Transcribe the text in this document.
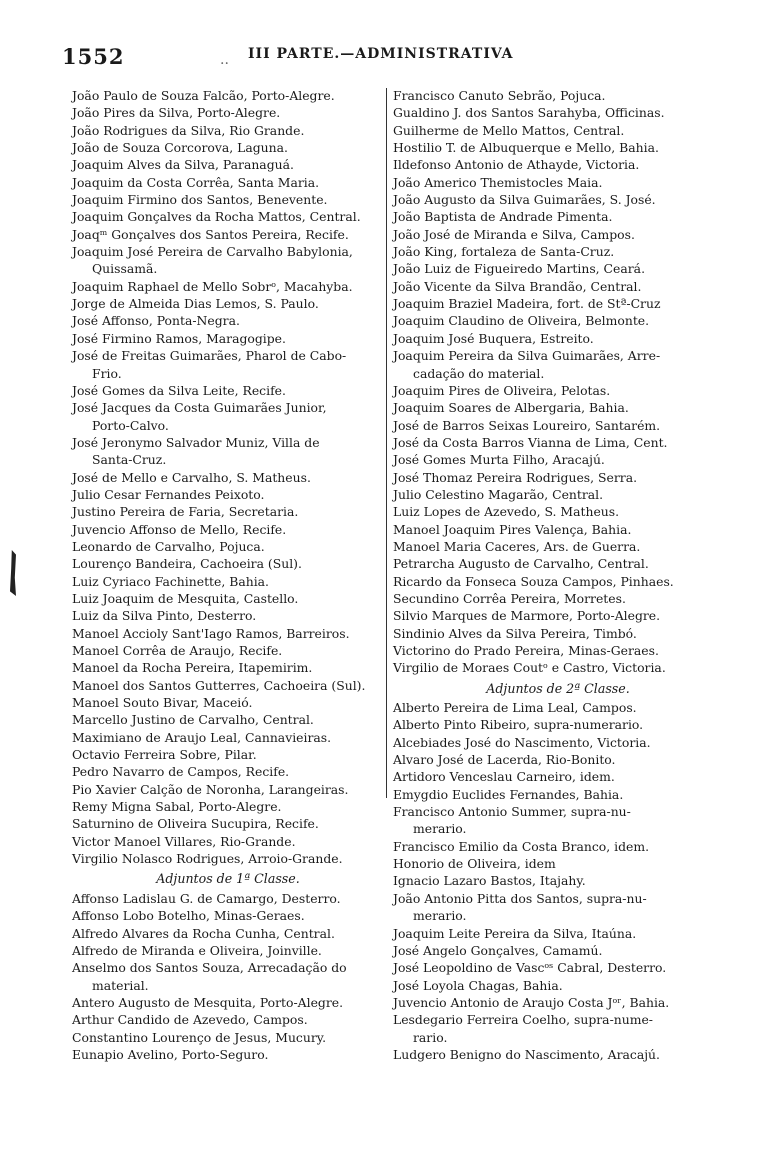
1552	.. III PARTE.—ADMINISTRATIVA
João Paulo de Souza Falcão, Porto-Alegre.
João Pires da Silva, Porto-Alegre.
João Rodrigues da Silva, Rio Grande.
João de Souza Corcorova, Laguna.
Joaquim Alves da Silva, Paranaguá.
Joaquim da Costa Corrêa, Santa Maria.
Joaquim Firmino dos Santos, Benevente.
Joaquim Gonçalves da Rocha Mattos, Central.
Joaqᵐ Gonçalves dos Santos Pereira, Recife.
Joaquim José Pereira de Carvalho Babylonia,
Quissamã.
Joaquim Raphael de Mello Sobrᵒ, Macahyba.
Jorge de Almeida Dias Lemos, S. Paulo.
José Affonso, Ponta-Negra.
José Firmino Ramos, Maragogipe.
José de Freitas Guimarães, Pharol de Cabo-
Frio.
José Gomes da Silva Leite, Recife.
José Jacques da Costa Guimarães Junior,
Porto-Calvo.
José Jeronymo Salvador Muniz, Villa de
Santa-Cruz.
José de Mello e Carvalho, S. Matheus.
Julio Cesar Fernandes Peixoto.
Justino Pereira de Faria, Secretaria.
Juvencio Affonso de Mello, Recife.
Leonardo de Carvalho, Pojuca.
Lourenço Bandeira, Cachoeira (Sul).
Luiz Cyriaco Fachinette, Bahia.
Luiz Joaquim de Mesquita, Castello.
Luiz da Silva Pinto, Desterro.
Manoel Accioly Sant'Iago Ramos, Barreiros.
Manoel Corrêa de Araujo, Recife.
Manoel da Rocha Pereira, Itapemirim.
Manoel dos Santos Gutterres, Cachoeira (Sul).
Manoel Souto Bivar, Maceió.
Marcello Justino de Carvalho, Central.
Maximiano de Araujo Leal, Cannavieiras.
Octavio Ferreira Sobre, Pilar.
Pedro Navarro de Campos, Recife.
Pio Xavier Calção de Noronha, Larangeiras.
Remy Migna Sabal, Porto-Alegre.
Saturnino de Oliveira Sucupira, Recife.
Victor Manoel Villares, Rio-Grande.
Virgilio Nolasco Rodrigues, Arroio-Grande.
Adjuntos de 1ª Classe.
Affonso Ladislau G. de Camargo, Desterro.
Affonso Lobo Botelho, Minas-Geraes.
Alfredo Alvares da Rocha Cunha, Central.
Alfredo de Miranda e Oliveira, Joinville.
Anselmo dos Santos Souza, Arrecadação do
material.
Antero Augusto de Mesquita, Porto-Alegre.
Arthur Candido de Azevedo, Campos.
Constantino Lourenço de Jesus, Mucury.
Eunapio Avelino, Porto-Seguro.
Francisco Canuto Sebrão, Pojuca.
Gualdino J. dos Santos Sarahyba, Officinas.
Guilherme de Mello Mattos, Central.
Hostilio T. de Albuquerque e Mello, Bahia.
Ildefonso Antonio de Athayde, Victoria.
João Americo Themistocles Maia.
João Augusto da Silva Guimarães, S. José.
João Baptista de Andrade Pimenta.
João José de Miranda e Silva, Campos.
João King, fortaleza de Santa-Cruz.
João Luiz de Figueiredo Martins, Ceará.
João Vicente da Silva Brandão, Central.
Joaquim Braziel Madeira, fort. de Stª-Cruz
Joaquim Claudino de Oliveira, Belmonte.
Joaquim José Buquera, Estreito.
Joaquim Pereira da Silva Guimarães, Arre-
cadação do material.
Joaquim Pires de Oliveira, Pelotas.
Joaquim Soares de Albergaria, Bahia.
José de Barros Seixas Loureiro, Santarém.
José da Costa Barros Vianna de Lima, Cent.
José Gomes Murta Filho, Aracajú.
José Thomaz Pereira Rodrigues, Serra.
Julio Celestino Magarão, Central.
Luiz Lopes de Azevedo, S. Matheus.
Manoel Joaquim Pires Valença, Bahia.
Manoel Maria Caceres, Ars. de Guerra.
Petrarcha Augusto de Carvalho, Central.
Ricardo da Fonseca Souza Campos, Pinhaes.
Secundino Corrêa Pereira, Morretes.
Silvio Marques de Marmore, Porto-Alegre.
Sindinio Alves da Silva Pereira, Timbó.
Victorino do Prado Pereira, Minas-Geraes.
Virgilio de Moraes Coutᵒ e Castro, Victoria.
Adjuntos de 2ª Classe.
Alberto Pereira de Lima Leal, Campos.
Alberto Pinto Ribeiro, supra-numerario.
Alcebiades José do Nascimento, Victoria.
Alvaro José de Lacerda, Rio-Bonito.
Artidoro Venceslau Carneiro, idem.
Emygdio Euclides Fernandes, Bahia.
Francisco Antonio Summer, supra-nu-
merario.
Francisco Emilio da Costa Branco, idem.
Honorio de Oliveira, idem
Ignacio Lazaro Bastos, Itajahy.
João Antonio Pitta dos Santos, supra-nu-
merario.
Joaquim Leite Pereira da Silva, Itaúna.
José Angelo Gonçalves, Camamú.
José Leopoldino de Vascᵒˢ Cabral, Desterro.
José Loyola Chagas, Bahia.
Juvencio Antonio de Araujo Costa Jᵒʳ, Bahia.
Lesdegario Ferreira Coelho, supra-nume-
rario.
Ludgero Benigno do Nascimento, Aracajú.
